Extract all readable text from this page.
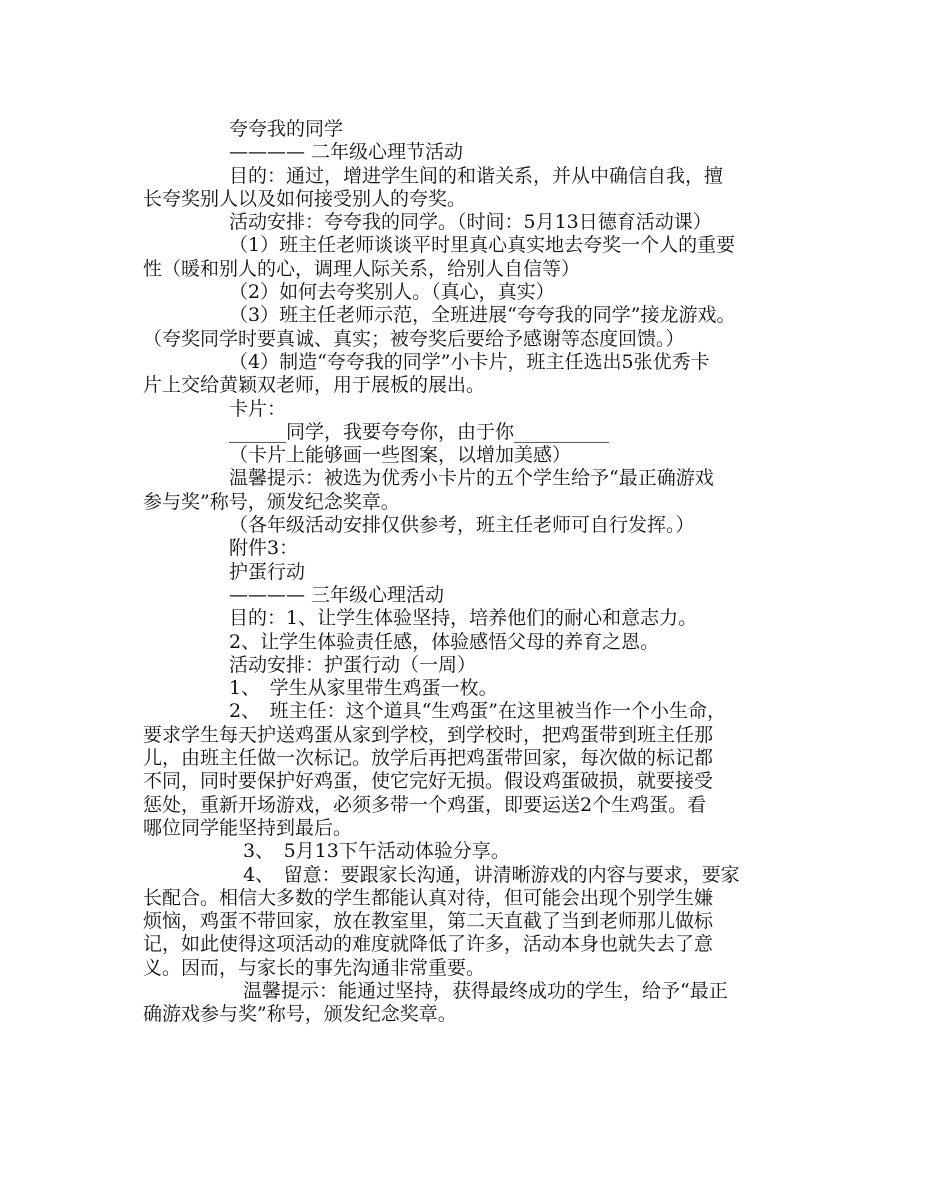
夸夸我的同学
———— 二年级心理节活动
目的：通过，增进学生间的和谐关系，并从中确信自我，擅
长夸奖别人以及如何接受别人的夸奖。
活动安排：夸夸我的同学。（时间：5月13日德育活动课）
（1）班主任老师谈谈平时里真心真实地去夸奖一个人的重要
性（暖和别人的心，调理人际关系，给别人自信等）
（2）如何去夸奖别人。（真心，真实）
（3）班主任老师示范，全班进展“夸夸我的同学”接龙游戏。
（夸奖同学时要真诚、真实；被夸奖后要给予感谢等态度回馈。）
（4）制造“夸夸我的同学”小卡片，班主任选出5张优秀卡
片上交给黄颖双老师，用于展板的展出。
卡片：
______同学，我要夸夸你，由于你__________
（卡片上能够画一些图案，以增加美感）
温馨提示：被选为优秀小卡片的五个学生给予“最正确游戏
参与奖”称号，颁发纪念奖章。
（各年级活动安排仅供参考，班主任老师可自行发挥。）
附件3：
护蛋行动
———— 三年级心理活动
目的：1、让学生体验坚持，培养他们的耐心和意志力。
2、让学生体验责任感，体验感悟父母的养育之恩。
活动安排：护蛋行动（一周）
1、　学生从家里带生鸡蛋一枚。
2、　班主任：这个道具“生鸡蛋”在这里被当作一个小生命，
要求学生每天护送鸡蛋从家到学校，到学校时，把鸡蛋带到班主任那
儿，由班主任做一次标记。放学后再把鸡蛋带回家，每次做的标记都
不同，同时要保护好鸡蛋，使它完好无损。假设鸡蛋破损，就要接受
惩处，重新开场游戏，必须多带一个鸡蛋，即要运送2个生鸡蛋。看
哪位同学能坚持到最后。
3、　5月13下午活动体验分享。
4、　留意：要跟家长沟通，讲清晰游戏的内容与要求，要家
长配合。相信大多数的学生都能认真对待，但可能会出现个别学生嫌
烦恼，鸡蛋不带回家，放在教室里，第二天直截了当到老师那儿做标
记，如此使得这项活动的难度就降低了许多，活动本身也就失去了意
义。因而，与家长的事先沟通非常重要。
温馨提示：能通过坚持，获得最终成功的学生，给予“最正
确游戏参与奖”称号，颁发纪念奖章。
